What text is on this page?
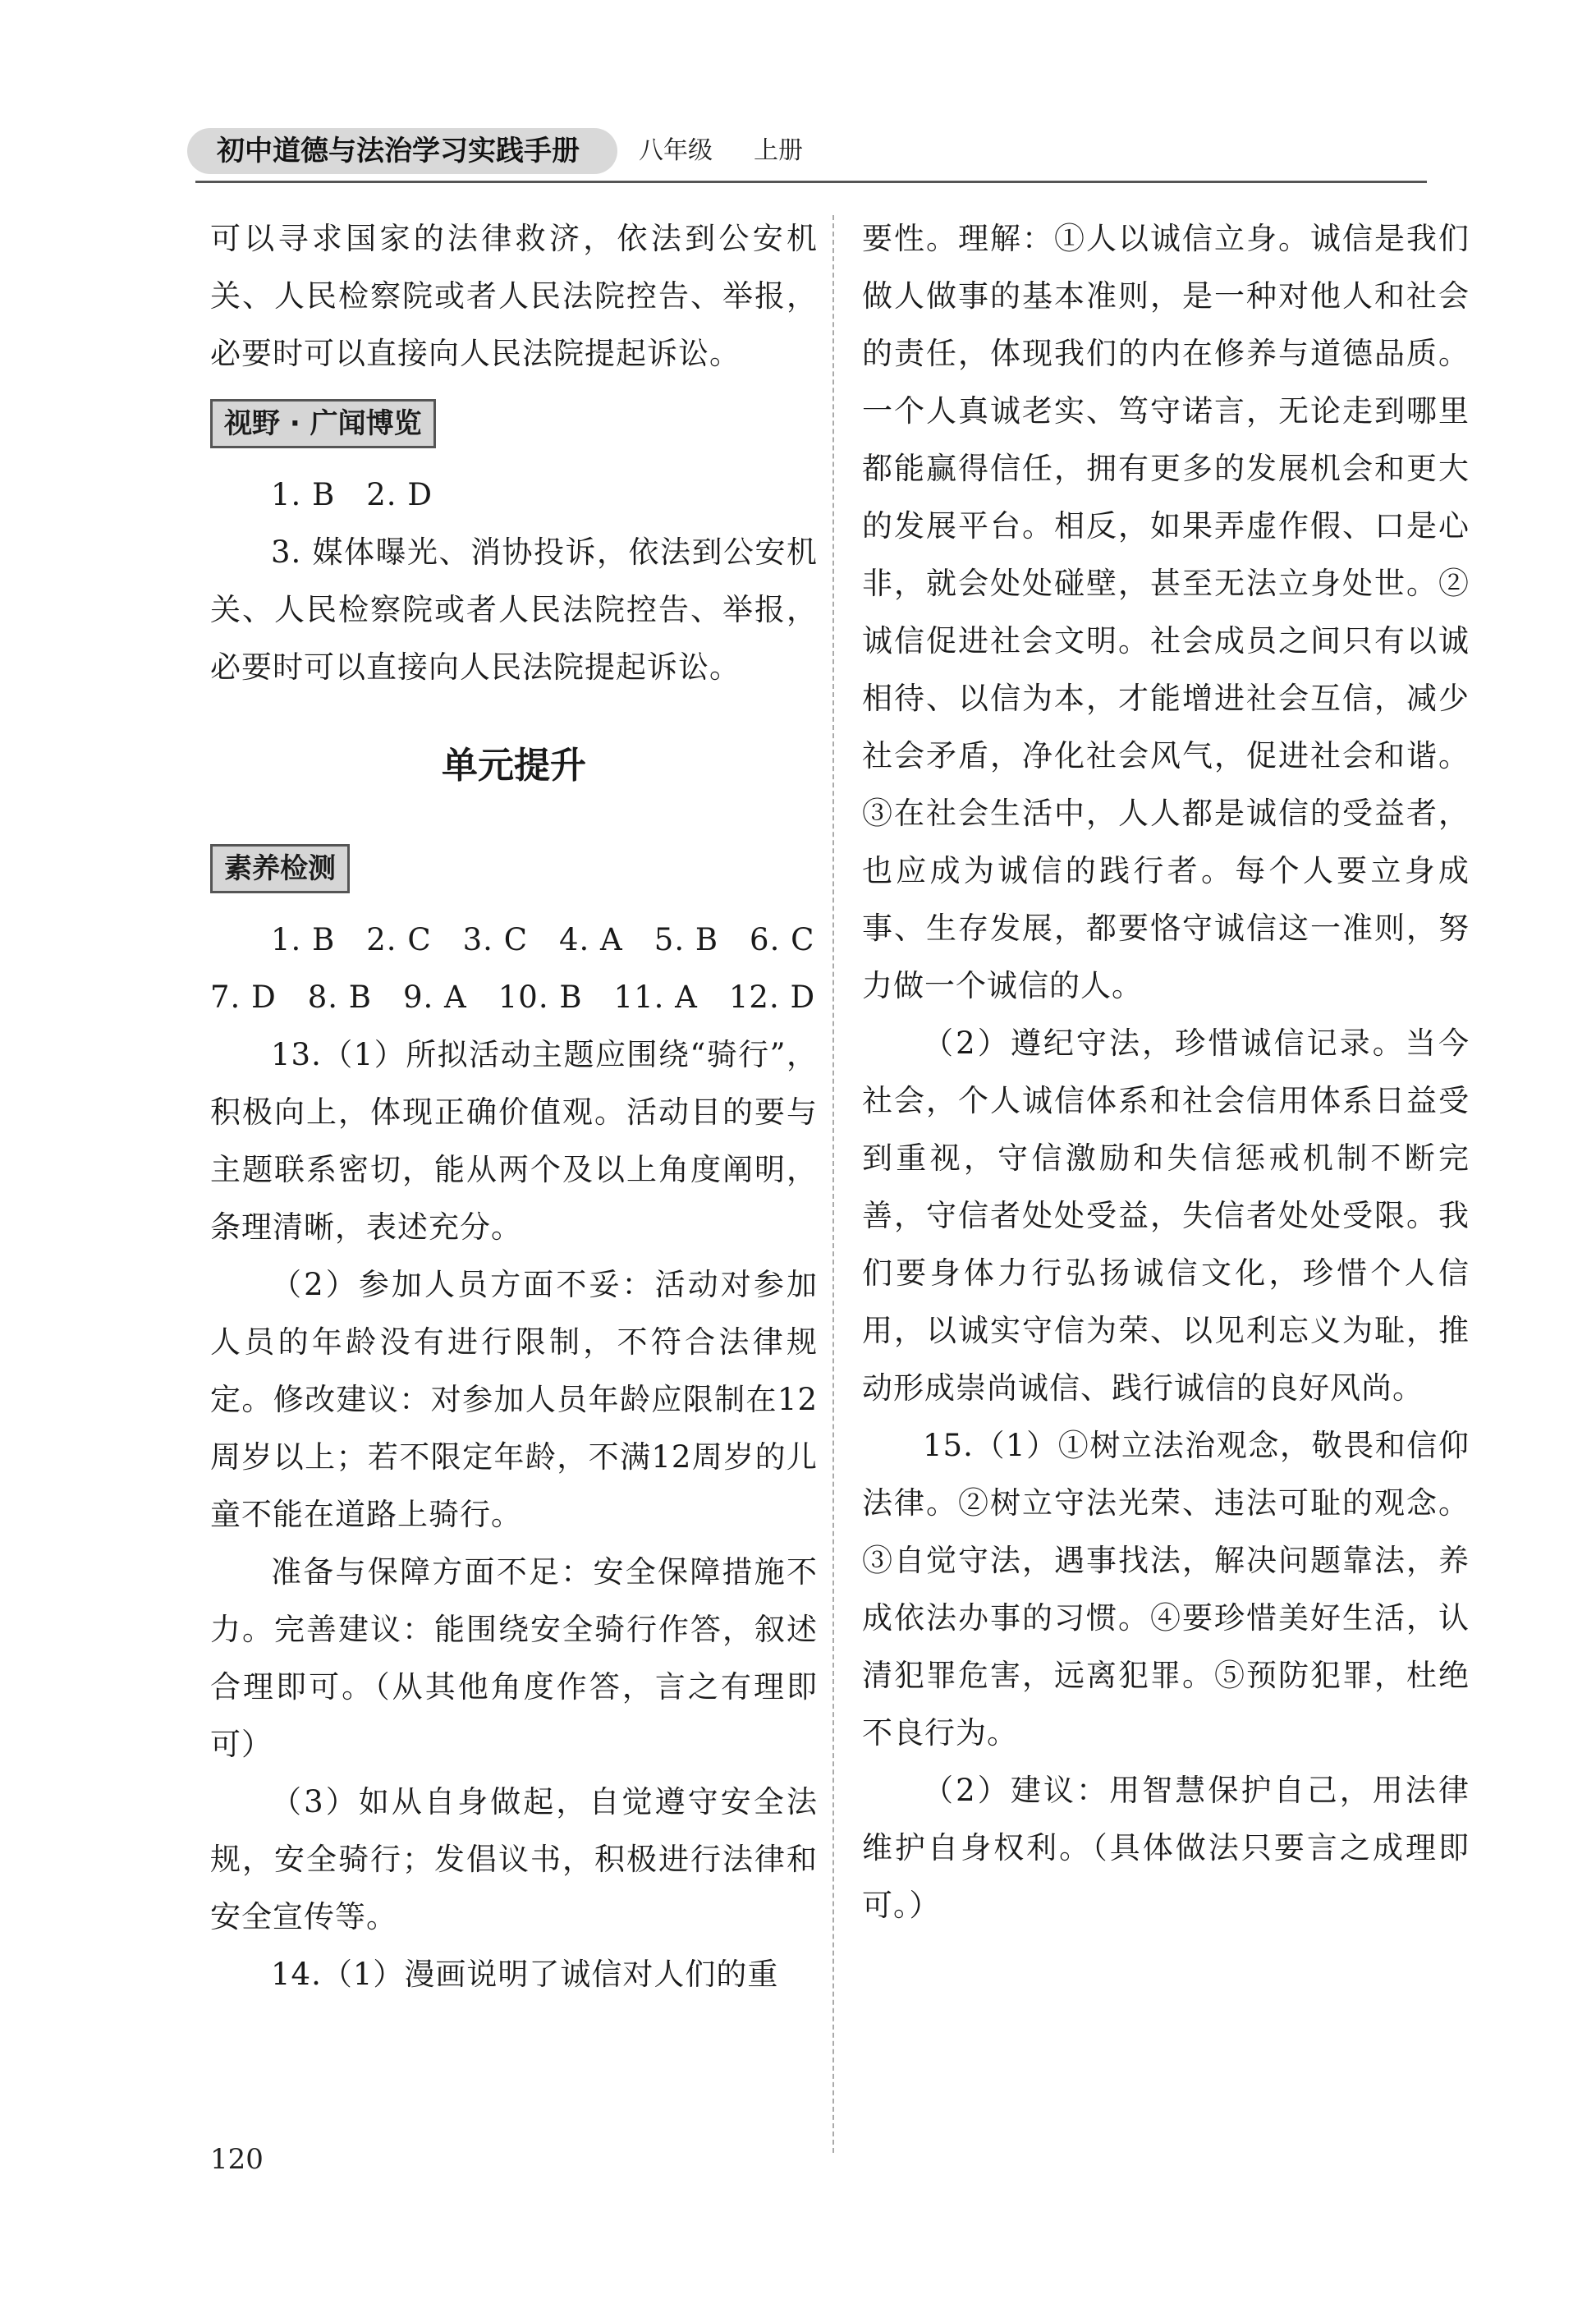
初中道德与法治学习实践手册	八年级 上册

可以寻求国家的法律救济，依法到公安机关、人民检察院或者人民法院控告、举报，必要时可以直接向人民法院提起诉讼。

视野 · 广闻博览

1. B　2. D

3. 媒体曝光、消协投诉，依法到公安机关、人民检察院或者人民法院控告、举报，必要时可以直接向人民法院提起诉讼。

单元提升
素养检测

1. B　2. C　3. C　4. A　5. B　6. C

7. D　8. B　9. A　10. B　11. A　12. D

13.（1）所拟活动主题应围绕“骑行”，积极向上，体现正确价值观。活动目的要与主题联系密切，能从两个及以上角度阐明，条理清晰，表述充分。

（2）参加人员方面不妥：活动对参加人员的年龄没有进行限制，不符合法律规定。修改建议：对参加人员年龄应限制在12周岁以上；若不限定年龄，不满12周岁的儿童不能在道路上骑行。

准备与保障方面不足：安全保障措施不力。完善建议：能围绕安全骑行作答，叙述合理即可。（从其他角度作答，言之有理即可）

（3）如从自身做起，自觉遵守安全法规，安全骑行；发倡议书，积极进行法律和安全宣传等。

14.（1）漫画说明了诚信对人们的重

要性。理解：①人以诚信立身。诚信是我们做人做事的基本准则，是一种对他人和社会的责任，体现我们的内在修养与道德品质。一个人真诚老实、笃守诺言，无论走到哪里都能赢得信任，拥有更多的发展机会和更大的发展平台。相反，如果弄虚作假、口是心非，就会处处碰壁，甚至无法立身处世。②诚信促进社会文明。社会成员之间只有以诚相待、以信为本，才能增进社会互信，减少社会矛盾，净化社会风气，促进社会和谐。③在社会生活中，人人都是诚信的受益者，也应成为诚信的践行者。每个人要立身成事、生存发展，都要恪守诚信这一准则，努力做一个诚信的人。

（2）遵纪守法，珍惜诚信记录。当今社会，个人诚信体系和社会信用体系日益受到重视，守信激励和失信惩戒机制不断完善，守信者处处受益，失信者处处受限。我们要身体力行弘扬诚信文化，珍惜个人信用，以诚实守信为荣、以见利忘义为耻，推动形成崇尚诚信、践行诚信的良好风尚。

15.（1）①树立法治观念，敬畏和信仰法律。②树立守法光荣、违法可耻的观念。③自觉守法，遇事找法，解决问题靠法，养成依法办事的习惯。④要珍惜美好生活，认清犯罪危害，远离犯罪。⑤预防犯罪，杜绝不良行为。

（2）建议：用智慧保护自己，用法律维护自身权利。（具体做法只要言之成理即可。）

120
